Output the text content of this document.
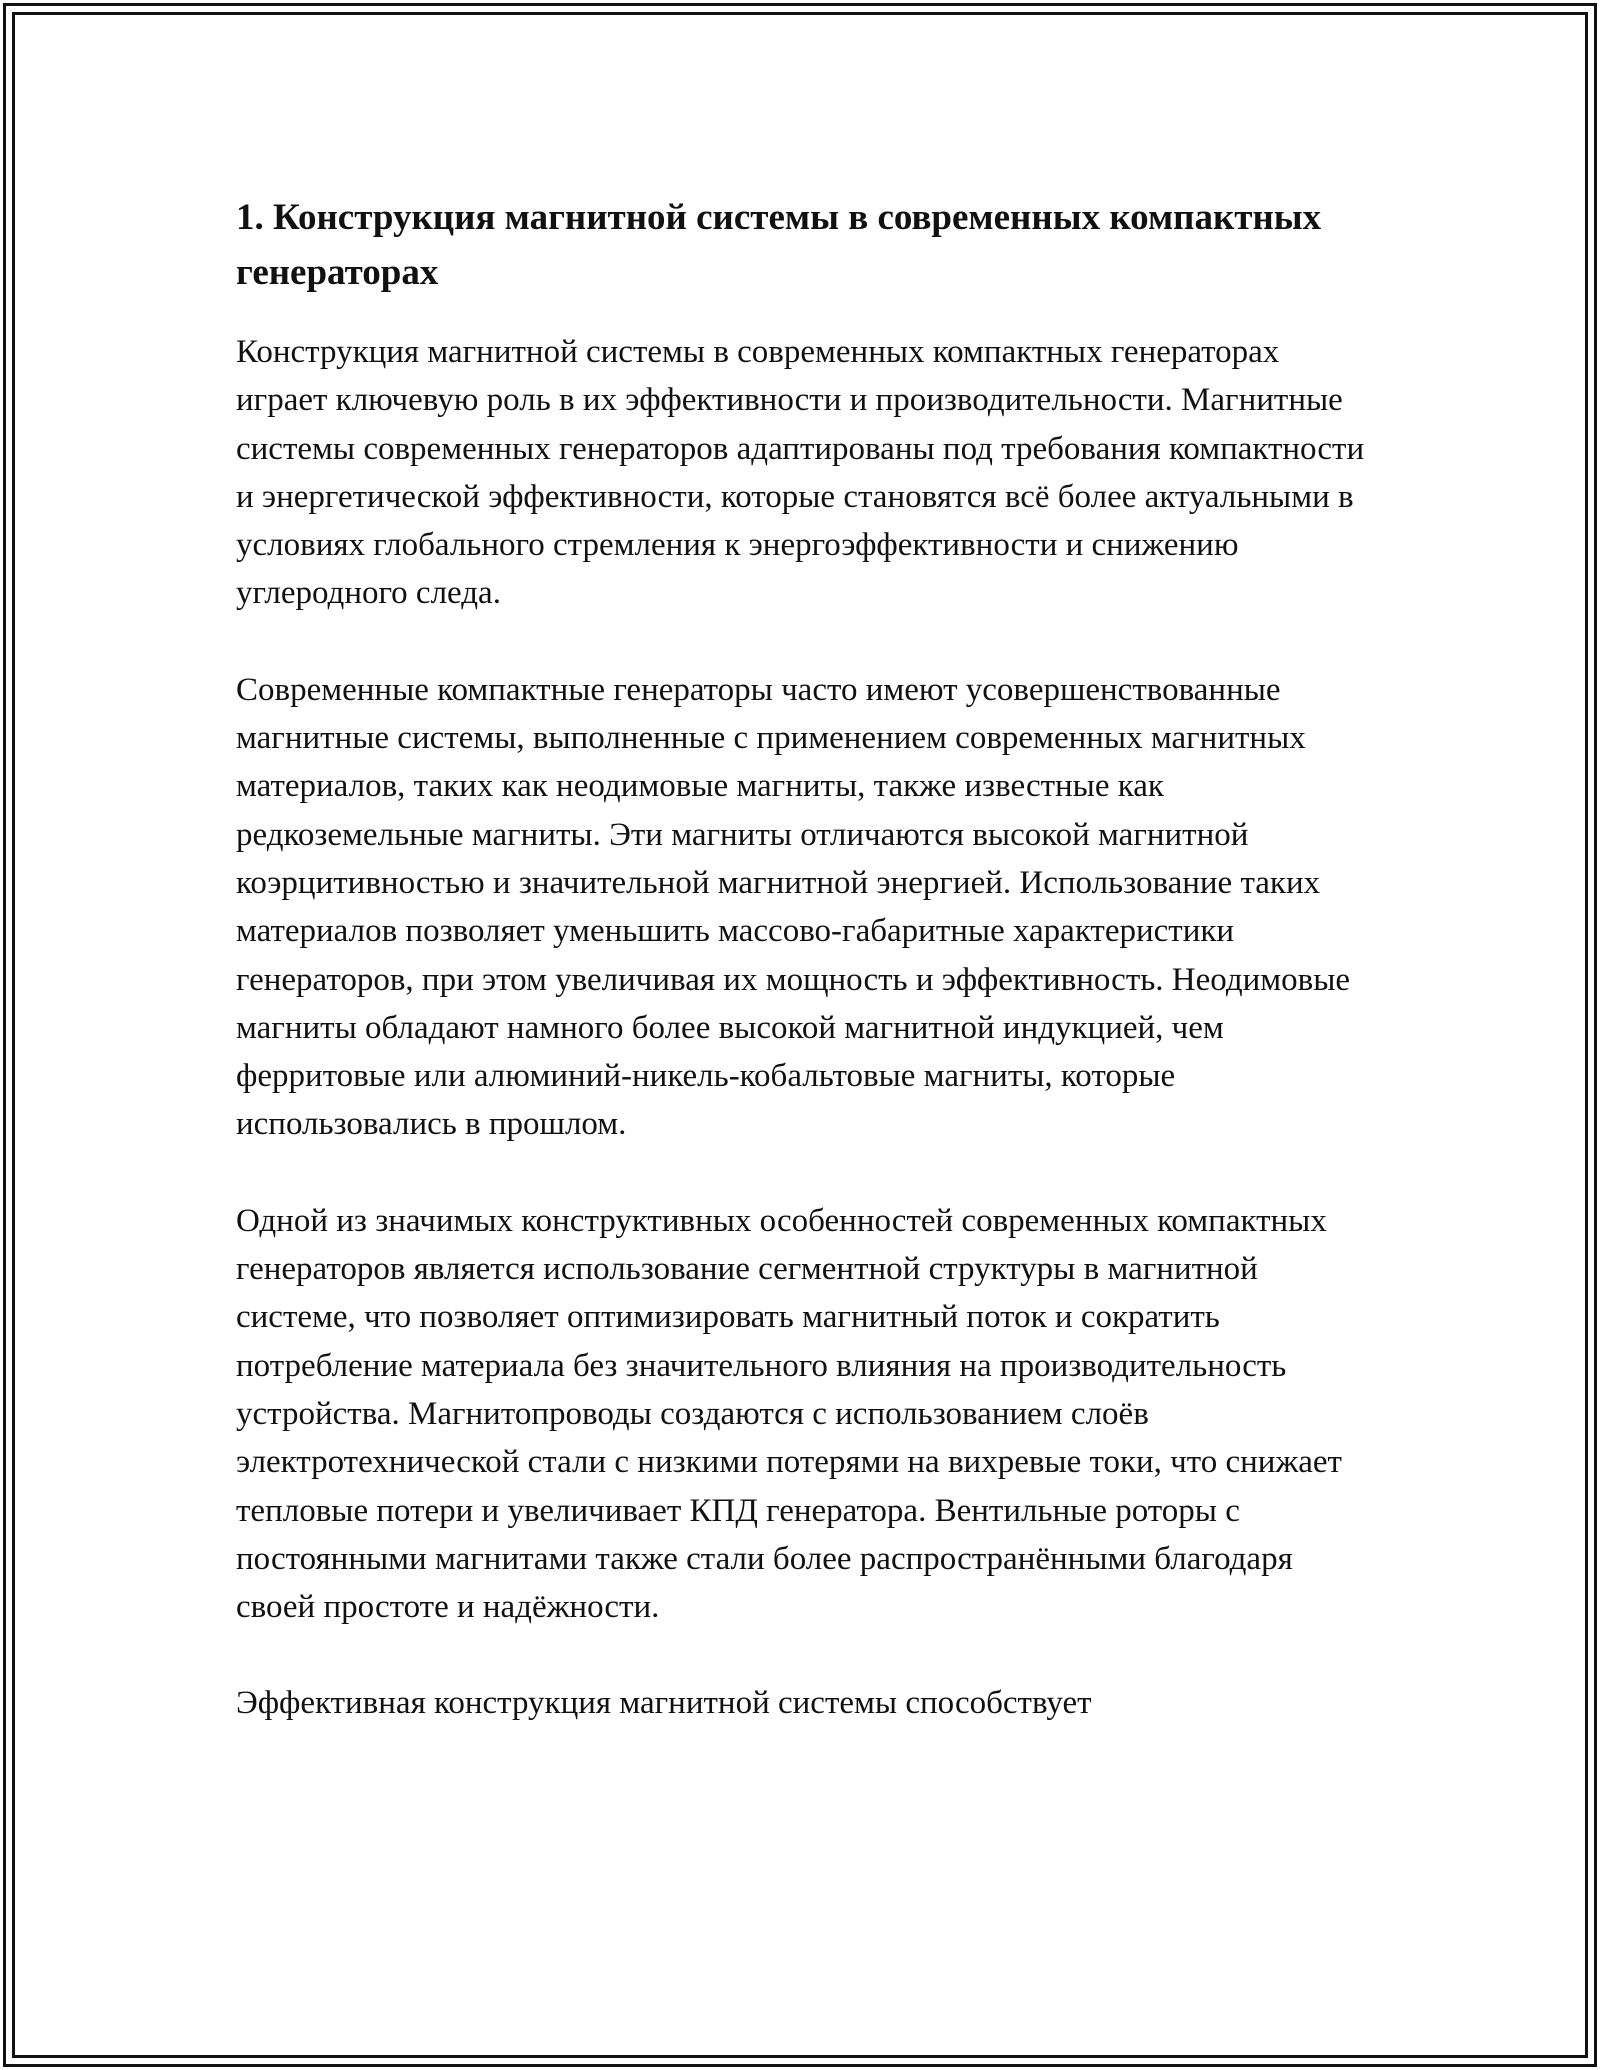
1. Конструкция магнитной системы в современных компактных генераторах

Конструкция магнитной системы в современных компактных генераторах играет ключевую роль в их эффективности и производительности. Магнитные системы современных генераторов адаптированы под требования компактности и энергетической эффективности, которые становятся всё более актуальными в условиях глобального стремления к энергоэффективности и снижению углеродного следа.

Современные компактные генераторы часто имеют усовершенствованные магнитные системы, выполненные с применением современных магнитных материалов, таких как неодимовые магниты, также известные как редкоземельные магниты. Эти магниты отличаются высокой магнитной коэрцитивностью и значительной магнитной энергией. Использование таких материалов позволяет уменьшить массово-габаритные характеристики генераторов, при этом увеличивая их мощность и эффективность. Неодимовые магниты обладают намного более высокой магнитной индукцией, чем ферритовые или алюминий-никель-кобальтовые магниты, которые использовались в прошлом.

Одной из значимых конструктивных особенностей современных компактных генераторов является использование сегментной структуры в магнитной системе, что позволяет оптимизировать магнитный поток и сократить потребление материала без значительного влияния на производительность устройства. Магнитопроводы создаются с использованием слоёв электротехнической стали с низкими потерями на вихревые токи, что снижает тепловые потери и увеличивает КПД генератора. Вентильные роторы с постоянными магнитами также стали более распространёнными благодаря своей простоте и надёжности.

Эффективная конструкция магнитной системы способствует
